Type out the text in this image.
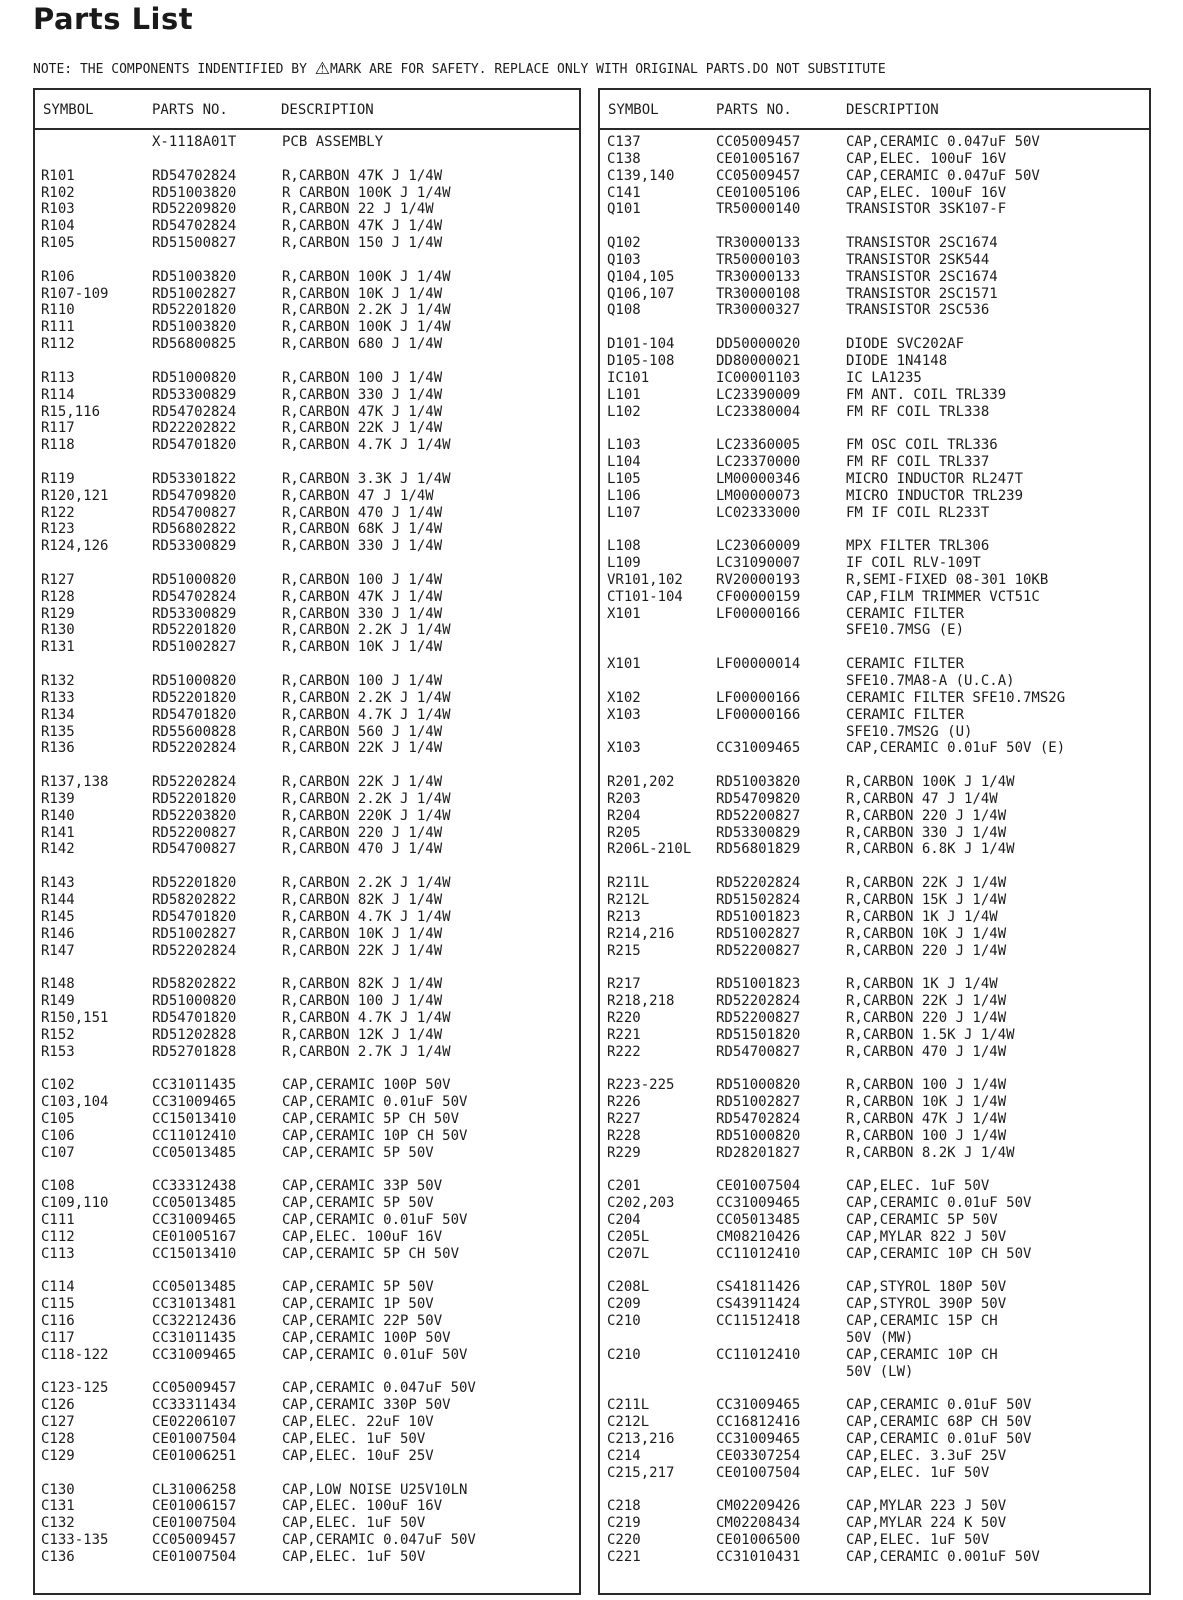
Parts List
NOTE: THE COMPONENTS INDENTIFIED BY ⚠MARK ARE FOR SAFETY. REPLACE ONLY WITH ORIGINAL PARTS.DO NOT SUBSTITUTE
SYMBOL	PARTS NO.	DESCRIPTION
X-1118A01T	PCB ASSEMBLY
R101	RD54702824	R,CARBON 47K J 1/4W
R102	RD51003820	R CARBON 100K J 1/4W
R103	RD52209820	R,CARBON 22 J 1/4W
R104	RD54702824	R,CARBON 47K J 1/4W
R105	RD51500827	R,CARBON 150 J 1/4W
R106	RD51003820	R,CARBON 100K J 1/4W
R107-109	RD51002827	R,CARBON 10K J 1/4W
R110	RD52201820	R,CARBON 2.2K J 1/4W
R111	RD51003820	R,CARBON 100K J 1/4W
R112	RD56800825	R,CARBON 680 J 1/4W
R113	RD51000820	R,CARBON 100 J 1/4W
R114	RD53300829	R,CARBON 330 J 1/4W
R15,116	RD54702824	R,CARBON 47K J 1/4W
R117	RD22202822	R,CARBON 22K J 1/4W
R118	RD54701820	R,CARBON 4.7K J 1/4W
R119	RD53301822	R,CARBON 3.3K J 1/4W
R120,121	RD54709820	R,CARBON 47 J 1/4W
R122	RD54700827	R,CARBON 470 J 1/4W
R123	RD56802822	R,CARBON 68K J 1/4W
R124,126	RD53300829	R,CARBON 330 J 1/4W
R127	RD51000820	R,CARBON 100 J 1/4W
R128	RD54702824	R,CARBON 47K J 1/4W
R129	RD53300829	R,CARBON 330 J 1/4W
R130	RD52201820	R,CARBON 2.2K J 1/4W
R131	RD51002827	R,CARBON 10K J 1/4W
R132	RD51000820	R,CARBON 100 J 1/4W
R133	RD52201820	R,CARBON 2.2K J 1/4W
R134	RD54701820	R,CARBON 4.7K J 1/4W
R135	RD55600828	R,CARBON 560 J 1/4W
R136	RD52202824	R,CARBON 22K J 1/4W
R137,138	RD52202824	R,CARBON 22K J 1/4W
R139	RD52201820	R,CARBON 2.2K J 1/4W
R140	RD52203820	R,CARBON 220K J 1/4W
R141	RD52200827	R,CARBON 220 J 1/4W
R142	RD54700827	R,CARBON 470 J 1/4W
R143	RD52201820	R,CARBON 2.2K J 1/4W
R144	RD58202822	R,CARBON 82K J 1/4W
R145	RD54701820	R,CARBON 4.7K J 1/4W
R146	RD51002827	R,CARBON 10K J 1/4W
R147	RD52202824	R,CARBON 22K J 1/4W
R148	RD58202822	R,CARBON 82K J 1/4W
R149	RD51000820	R,CARBON 100 J 1/4W
R150,151	RD54701820	R,CARBON 4.7K J 1/4W
R152	RD51202828	R,CARBON 12K J 1/4W
R153	RD52701828	R,CARBON 2.7K J 1/4W
C102	CC31011435	CAP,CERAMIC 100P 50V
C103,104	CC31009465	CAP,CERAMIC 0.01uF 50V
C105	CC15013410	CAP,CERAMIC 5P CH 50V
C106	CC11012410	CAP,CERAMIC 10P CH 50V
C107	CC05013485	CAP,CERAMIC 5P 50V
C108	CC33312438	CAP,CERAMIC 33P 50V
C109,110	CC05013485	CAP,CERAMIC 5P 50V
C111	CC31009465	CAP,CERAMIC 0.01uF 50V
C112	CE01005167	CAP,ELEC. 100uF 16V
C113	CC15013410	CAP,CERAMIC 5P CH 50V
C114	CC05013485	CAP,CERAMIC 5P 50V
C115	CC31013481	CAP,CERAMIC 1P 50V
C116	CC32212436	CAP,CERAMIC 22P 50V
C117	CC31011435	CAP,CERAMIC 100P 50V
C118-122	CC31009465	CAP,CERAMIC 0.01uF 50V
C123-125	CC05009457	CAP,CERAMIC 0.047uF 50V
C126	CC33311434	CAP,CERAMIC 330P 50V
C127	CE02206107	CAP,ELEC. 22uF 10V
C128	CE01007504	CAP,ELEC. 1uF 50V
C129	CE01006251	CAP,ELEC. 10uF 25V
C130	CL31006258	CAP,LOW NOISE U25V10LN
C131	CE01006157	CAP,ELEC. 100uF 16V
C132	CE01007504	CAP,ELEC. 1uF 50V
C133-135	CC05009457	CAP,CERAMIC 0.047uF 50V
C136	CE01007504	CAP,ELEC. 1uF 50V
SYMBOL	PARTS NO.	DESCRIPTION
C137	CC05009457	CAP,CERAMIC 0.047uF 50V
C138	CE01005167	CAP,ELEC. 100uF 16V
C139,140	CC05009457	CAP,CERAMIC 0.047uF 50V
C141	CE01005106	CAP,ELEC. 100uF 16V
Q101	TR50000140	TRANSISTOR 3SK107-F
Q102	TR30000133	TRANSISTOR 2SC1674
Q103	TR50000103	TRANSISTOR 2SK544
Q104,105	TR30000133	TRANSISTOR 2SC1674
Q106,107	TR30000108	TRANSISTOR 2SC1571
Q108	TR30000327	TRANSISTOR 2SC536
D101-104	DD50000020	DIODE SVC202AF
D105-108	DD80000021	DIODE 1N4148
IC101	IC00001103	IC LA1235
L101	LC23390009	FM ANT. COIL TRL339
L102	LC23380004	FM RF COIL TRL338
L103	LC23360005	FM OSC COIL TRL336
L104	LC23370000	FM RF COIL TRL337
L105	LM00000346	MICRO INDUCTOR RL247T
L106	LM00000073	MICRO INDUCTOR TRL239
L107	LC02333000	FM IF COIL RL233T
L108	LC23060009	MPX FILTER TRL306
L109	LC31090007	IF COIL RLV-109T
VR101,102 RV20000193	R,SEMI-FIXED 08-301 10KB
CT101-104 CF00000159	CAP,FILM TRIMMER VCT51C
X101	LF00000166	CERAMIC FILTER
SFE10.7MSG (E)
X101	LF00000014	CERAMIC FILTER
SFE10.7MA8-A (U.C.A)
X102	LF00000166	CERAMIC FILTER SFE10.7MS2G
X103	LF00000166	CERAMIC FILTER
SFE10.7MS2G (U)
X103	CC31009465	CAP,CERAMIC 0.01uF 50V (E)
R201,202	RD51003820	R,CARBON 100K J 1/4W
R203	RD54709820	R,CARBON 47 J 1/4W
R204	RD52200827	R,CARBON 220 J 1/4W
R205	RD53300829	R,CARBON 330 J 1/4W
R206L-210L RD56801829	R,CARBON 6.8K J 1/4W
R211L	RD52202824	R,CARBON 22K J 1/4W
R212L	RD51502824	R,CARBON 15K J 1/4W
R213	RD51001823	R,CARBON 1K J 1/4W
R214,216	RD51002827	R,CARBON 10K J 1/4W
R215	RD52200827	R,CARBON 220 J 1/4W
R217	RD51001823	R,CARBON 1K J 1/4W
R218,218	RD52202824	R,CARBON 22K J 1/4W
R220	RD52200827	R,CARBON 220 J 1/4W
R221	RD51501820	R,CARBON 1.5K J 1/4W
R222	RD54700827	R,CARBON 470 J 1/4W
R223-225	RD51000820	R,CARBON 100 J 1/4W
R226	RD51002827	R,CARBON 10K J 1/4W
R227	RD54702824	R,CARBON 47K J 1/4W
R228	RD51000820	R,CARBON 100 J 1/4W
R229	RD28201827	R,CARBON 8.2K J 1/4W
C201	CE01007504	CAP,ELEC. 1uF 50V
C202,203	CC31009465	CAP,CERAMIC 0.01uF 50V
C204	CC05013485	CAP,CERAMIC 5P 50V
C205L	CM08210426	CAP,MYLAR 822 J 50V
C207L	CC11012410	CAP,CERAMIC 10P CH 50V
C208L	CS41811426	CAP,STYROL 180P 50V
C209	CS43911424	CAP,STYROL 390P 50V
C210	CC11512418	CAP,CERAMIC 15P CH
50V (MW)
C210	CC11012410	CAP,CERAMIC 10P CH
50V (LW)
C211L	CC31009465	CAP,CERAMIC 0.01uF 50V
C212L	CC16812416	CAP,CERAMIC 68P CH 50V
C213,216	CC31009465	CAP,CERAMIC 0.01uF 50V
C214	CE03307254	CAP,ELEC. 3.3uF 25V
C215,217	CE01007504	CAP,ELEC. 1uF 50V
C218	CM02209426	CAP,MYLAR 223 J 50V
C219	CM02208434	CAP,MYLAR 224 K 50V
C220	CE01006500	CAP,ELEC. 1uF 50V
C221	CC31010431	CAP,CERAMIC 0.001uF 50V
